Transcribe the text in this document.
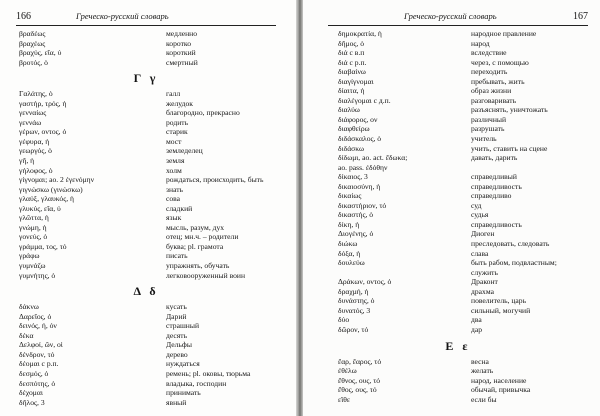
166	Греческо-русский словарь
βραδέως	медленно
βραχέως	коротко
βραχύς, εῖα, ύ	короткий
βροτός, ὁ	смертный
Γ γ
Γαλάτης, ὁ	галл
γαστήρ, τρός, ἡ	желудок
γενναίως	благородно, прекрасно
γεννάω	родить
γέρων, οντος, ὁ	старик
γέφυρα, ἡ	мост
γεωργός, ὁ	земледелец
γῆ, ἡ	земля
γήλοφος, ὁ	холм
γίγνομαι; ао. 2 ἐγενόμην	рождаться, происходить, быть
γιγνώσκω (γινώσκω)	знать
γλαύξ, γλαυκός, ἡ	сова
γλυκύς, εῖα, ύ	сладкий
γλῶττα, ἡ	язык
γνώμη, ἡ	мысль, разум, дух
γονεύς, ὁ	отец; мн.ч. – родители
γράμμα, τος, τό	буква; pl. грамота
γράφω	писать
γυμνάζω	упражнять, обучать
γυμνήτης, ὁ	легковооруженный воин
Δ δ
δάκνω	кусать
Δαρεῖος, ὁ	Дарий
δεινός, ή, όν	страшный
δέκα	десять
Δελφοί, ῶν, οἱ	Дельфы
δένδρον, τό	дерево
δέομαι с р.п.	нуждаться
δεσμός, ὁ	ремень; pl. оковы, тюрьма
δεσπότης, ὁ	владыка, господин
δέχομαι	принимать
δῆλος, 3	явный
Греческо-русский словарь	167
δημοκρατία, ἡ	народное правление
δῆμος, ὁ	народ
διά с в.п	вследствие
διά с р.п.	через, с помощью
διαβαίνω	переходить
διαγίγνομαι	пребывать, жить
δίαιτα, ἡ	образ жизни
διαλέγομαι с д.п.	разговаривать
διαλύω	разъяснять, уничтожать
διάφορος, ον	различный
διαφθείρω	разрушать
διδάσκαλος, ὁ	учитель
διδάσκω	учить, ставить на сцене
δίδωμι, ао. act. ἔδωκα;	давать, дарить
ао. pass. ἐδόθην
δίκαιος, 3	справедливый
δικαιοσύνη, ἡ	справедливость
δικαίως	справедливо
δικαστήριον, τό	суд
δικαστής, ὁ	судья
δίκη, ἡ	справедливость
Διογένης, ὁ	Диоген
διώκω	преследовать, следовать
δόξα, ἡ	слава
δουλεύω	быть рабом, подвластным;
служить
Δράκων, οντος, ὁ	Драконт
δραχμή, ἡ	драхма
δυνάστης, ὁ	повелитель, царь
δυνατός, 3	сильный, могучий
δύο	два
δῶρον, τό	дар
Ε ε
ἔαρ, ἔαρος, τό	весна
ἐθέλω	желать
ἔθνος, ους, τό	народ, население
ἔθος, ους, τό	обычай, привычка
εἴθε	если бы
